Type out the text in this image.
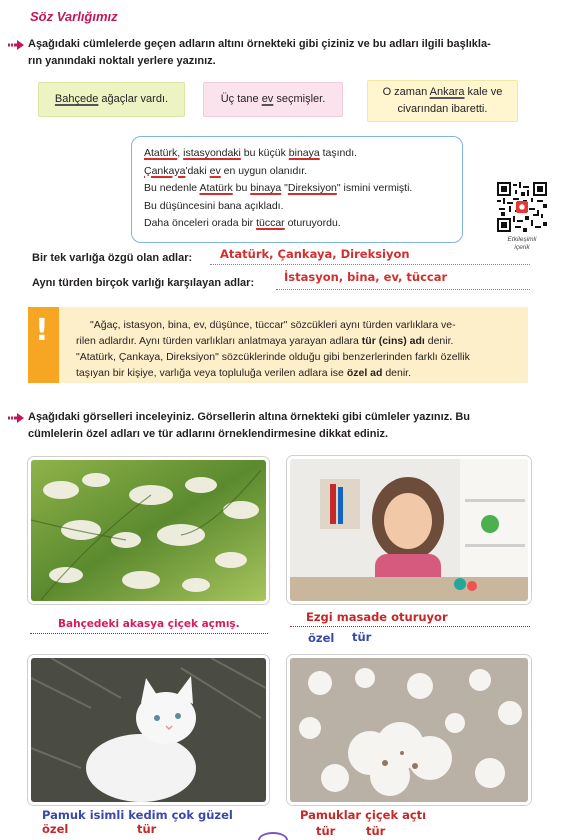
Söz Varlığımız
Aşağıdaki cümlelerde geçen adların altını örnekteki gibi çiziniz ve bu adları ilgili başlıkla-
rın yanındaki noktalı yerlere yazınız.
Bahçede ağaçlar vardı.	Üç tane ev seçmişler.
O zaman Ankara kale ve
civarından ibaretti.
Atatürk, istasyondaki bu küçük binaya taşındı.
Çankaya'daki ev en uygun olanıdır.
Bu nedenle Atatürk bu binaya "Direksiyon" ismini vermişti.
Bu düşüncesini bana açıkladı.
Daha önceleri orada bir tüccar oturuyordu.
Etkileşimli
içerik
Bir tek varlığa özgü olan adlar: Atatürk, Çankaya, Direksiyon
Aynı türden birçok varlığı karşılayan adlar:	İstasyon, bina, ev, tüccar
!	"Ağaç, istasyon, bina, ev, düşünce, tüccar" sözcükleri aynı türden varlıklara ve-
rilen adlardır. Aynı türden varlıkları anlatmaya yarayan adlara tür (cins) adı denir.
"Atatürk, Çankaya, Direksiyon" sözcüklerinde olduğu gibi benzerlerinden farklı özellik
taşıyan bir kişiye, varlığa veya topluluğa verilen adlara ise özel ad denir.
Aşağıdaki görselleri inceleyiniz. Görsellerin altına örnekteki gibi cümleler yazınız. Bu
cümlelerin özel adları ve tür adlarını örneklendirmesine dikkat ediniz.
Bahçedeki akasya çiçek açmış.	Ezgi masade oturuyor
özel tür
Pamuk isimli kedim çok güzel
özel	tür
Pamuklar çiçek açtı
tür	tür
